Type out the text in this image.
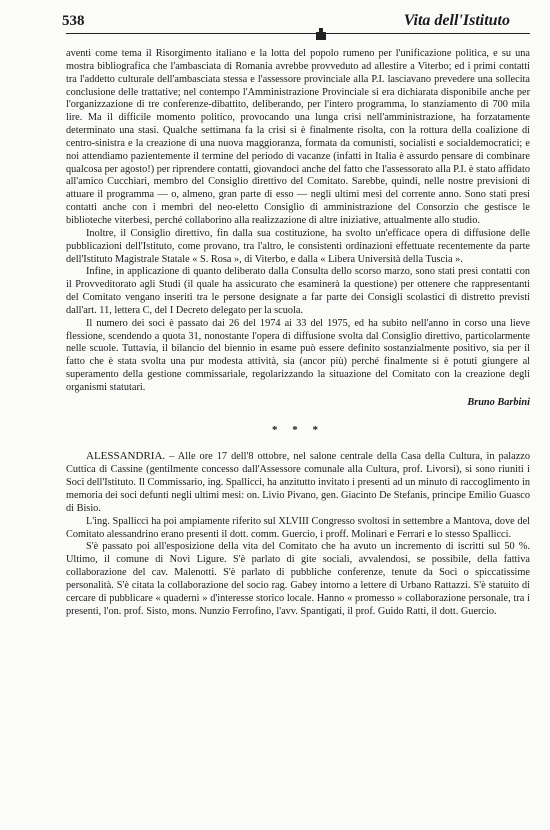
538	Vita dell'Istituto

aventi come tema il Risorgimento italiano e la lotta del popolo rumeno per l'unificazione politica, e su una mostra bibliografica che l'ambasciata di Romania avrebbe provveduto ad allestire a Viterbo; ed i primi contatti tra l'addetto culturale dell'ambasciata stessa e l'assessore provinciale alla P.I. lasciavano prevedere una sollecita conclusione delle trattative; nel contempo l'Amministrazione Provinciale si era dichiarata disponibile anche per l'organizzazione di tre conferenze-dibattito, deliberando, per l'intero programma, lo stanziamento di 700 mila lire. Ma il difficile momento politico, provocando una lunga crisi nell'amministrazione, ha forzatamente determinato una stasi. Qualche settimana fa la crisi si è finalmente risolta, con la rottura della coalizione di centro-sinistra e la creazione di una nuova maggioranza, formata da comunisti, socialisti e socialdemocratici; e noi attendiamo pazientemente il termine del periodo di vacanze (infatti in Italia è assurdo pensare di combinare qualcosa per agosto!) per riprendere contatti, giovandoci anche del fatto che l'assessorato alla P.I. è stato affidato all'amico Cucchiari, membro del Consiglio direttivo del Comitato. Sarebbe, quindi, nelle nostre previsioni di attuare il programma — o, almeno, gran parte di esso — negli ultimi mesi del corrente anno. Sono stati presi contatti anche con i membri del neo-eletto Consiglio di amministrazione del Consorzio che gestisce le biblioteche viterbesi, perché collaborino alla realizzazione di altre iniziative, attualmente allo studio.

Inoltre, il Consiglio direttivo, fin dalla sua costituzione, ha svolto un'efficace opera di diffusione delle pubblicazioni dell'Istituto, come provano, tra l'altro, le consistenti ordinazioni effettuate recentemente da parte dell'Istituto Magistrale Statale « S. Rosa », di Viterbo, e dalla « Libera Università della Tuscia ».

Infine, in applicazione di quanto deliberato dalla Consulta dello scorso marzo, sono stati presi contatti con il Provveditorato agli Studi (il quale ha assicurato che esaminerà la questione) per ottenere che rappresentanti del Comitato vengano inseriti tra le persone designate a far parte dei Consigli scolastici di distretto previsti dall'art. 11, lettera C, del I Decreto delegato per la scuola.

Il numero dei soci è passato dai 26 del 1974 ai 33 del 1975, ed ha subito nell'anno in corso una lieve flessione, scendendo a quota 31, nonostante l'opera di diffusione svolta dal Consiglio direttivo, particolarmente nelle scuole. Tuttavia, il bilancio del biennio in esame può essere definito sostanzialmente positivo, sia per il fatto che è stata svolta una pur modesta attività, sia (ancor più) perché finalmente si è potuti giungere al superamento della gestione commissariale, regolarizzando la situazione del Comitato con la creazione degli organismi statutari.

Bruno Barbini
* * *

ALESSANDRIA. – Alle ore 17 dell'8 ottobre, nel salone centrale della Casa della Cultura, in palazzo Cuttica di Cassine (gentilmente concesso dall'Assessore comunale alla Cultura, prof. Livorsi), si sono riuniti i Soci dell'Istituto. Il Commissario, ing. Spallicci, ha anzitutto invitato i presenti ad un minuto di raccoglimento in memoria dei soci defunti negli ultimi mesi: on. Livio Pivano, gen. Giacinto De Stefanis, principe Emilio Guasco di Bisio.

L'ing. Spallicci ha poi ampiamente riferito sul XLVIII Congresso svoltosi in settembre a Mantova, dove del Comitato alessandrino erano presenti il dott. comm. Guercio, i proff. Molinari e Ferrari e lo stesso Spallicci.

S'è passato poi all'esposizione della vita del Comitato che ha avuto un incremento di iscritti sul 50 %. Ultimo, il comune di Novi Ligure. S'è parlato di gite sociali, avvalendosi, se possibile, della fattiva collaborazione del cav. Malenotti. S'è parlato di pubbliche conferenze, tenute da Soci o spiccatissime personalità. S'è citata la collaborazione del socio rag. Gabey intorno a lettere di Urbano Rattazzi. S'è statuito di cercare di pubblicare « quaderni » d'interesse storico locale. Hanno « promesso » collaborazione personale, tra i presenti, l'on. prof. Sisto, mons. Nunzio Ferrofino, l'avv. Spantigati, il prof. Guido Ratti, il dott. Guercio.
